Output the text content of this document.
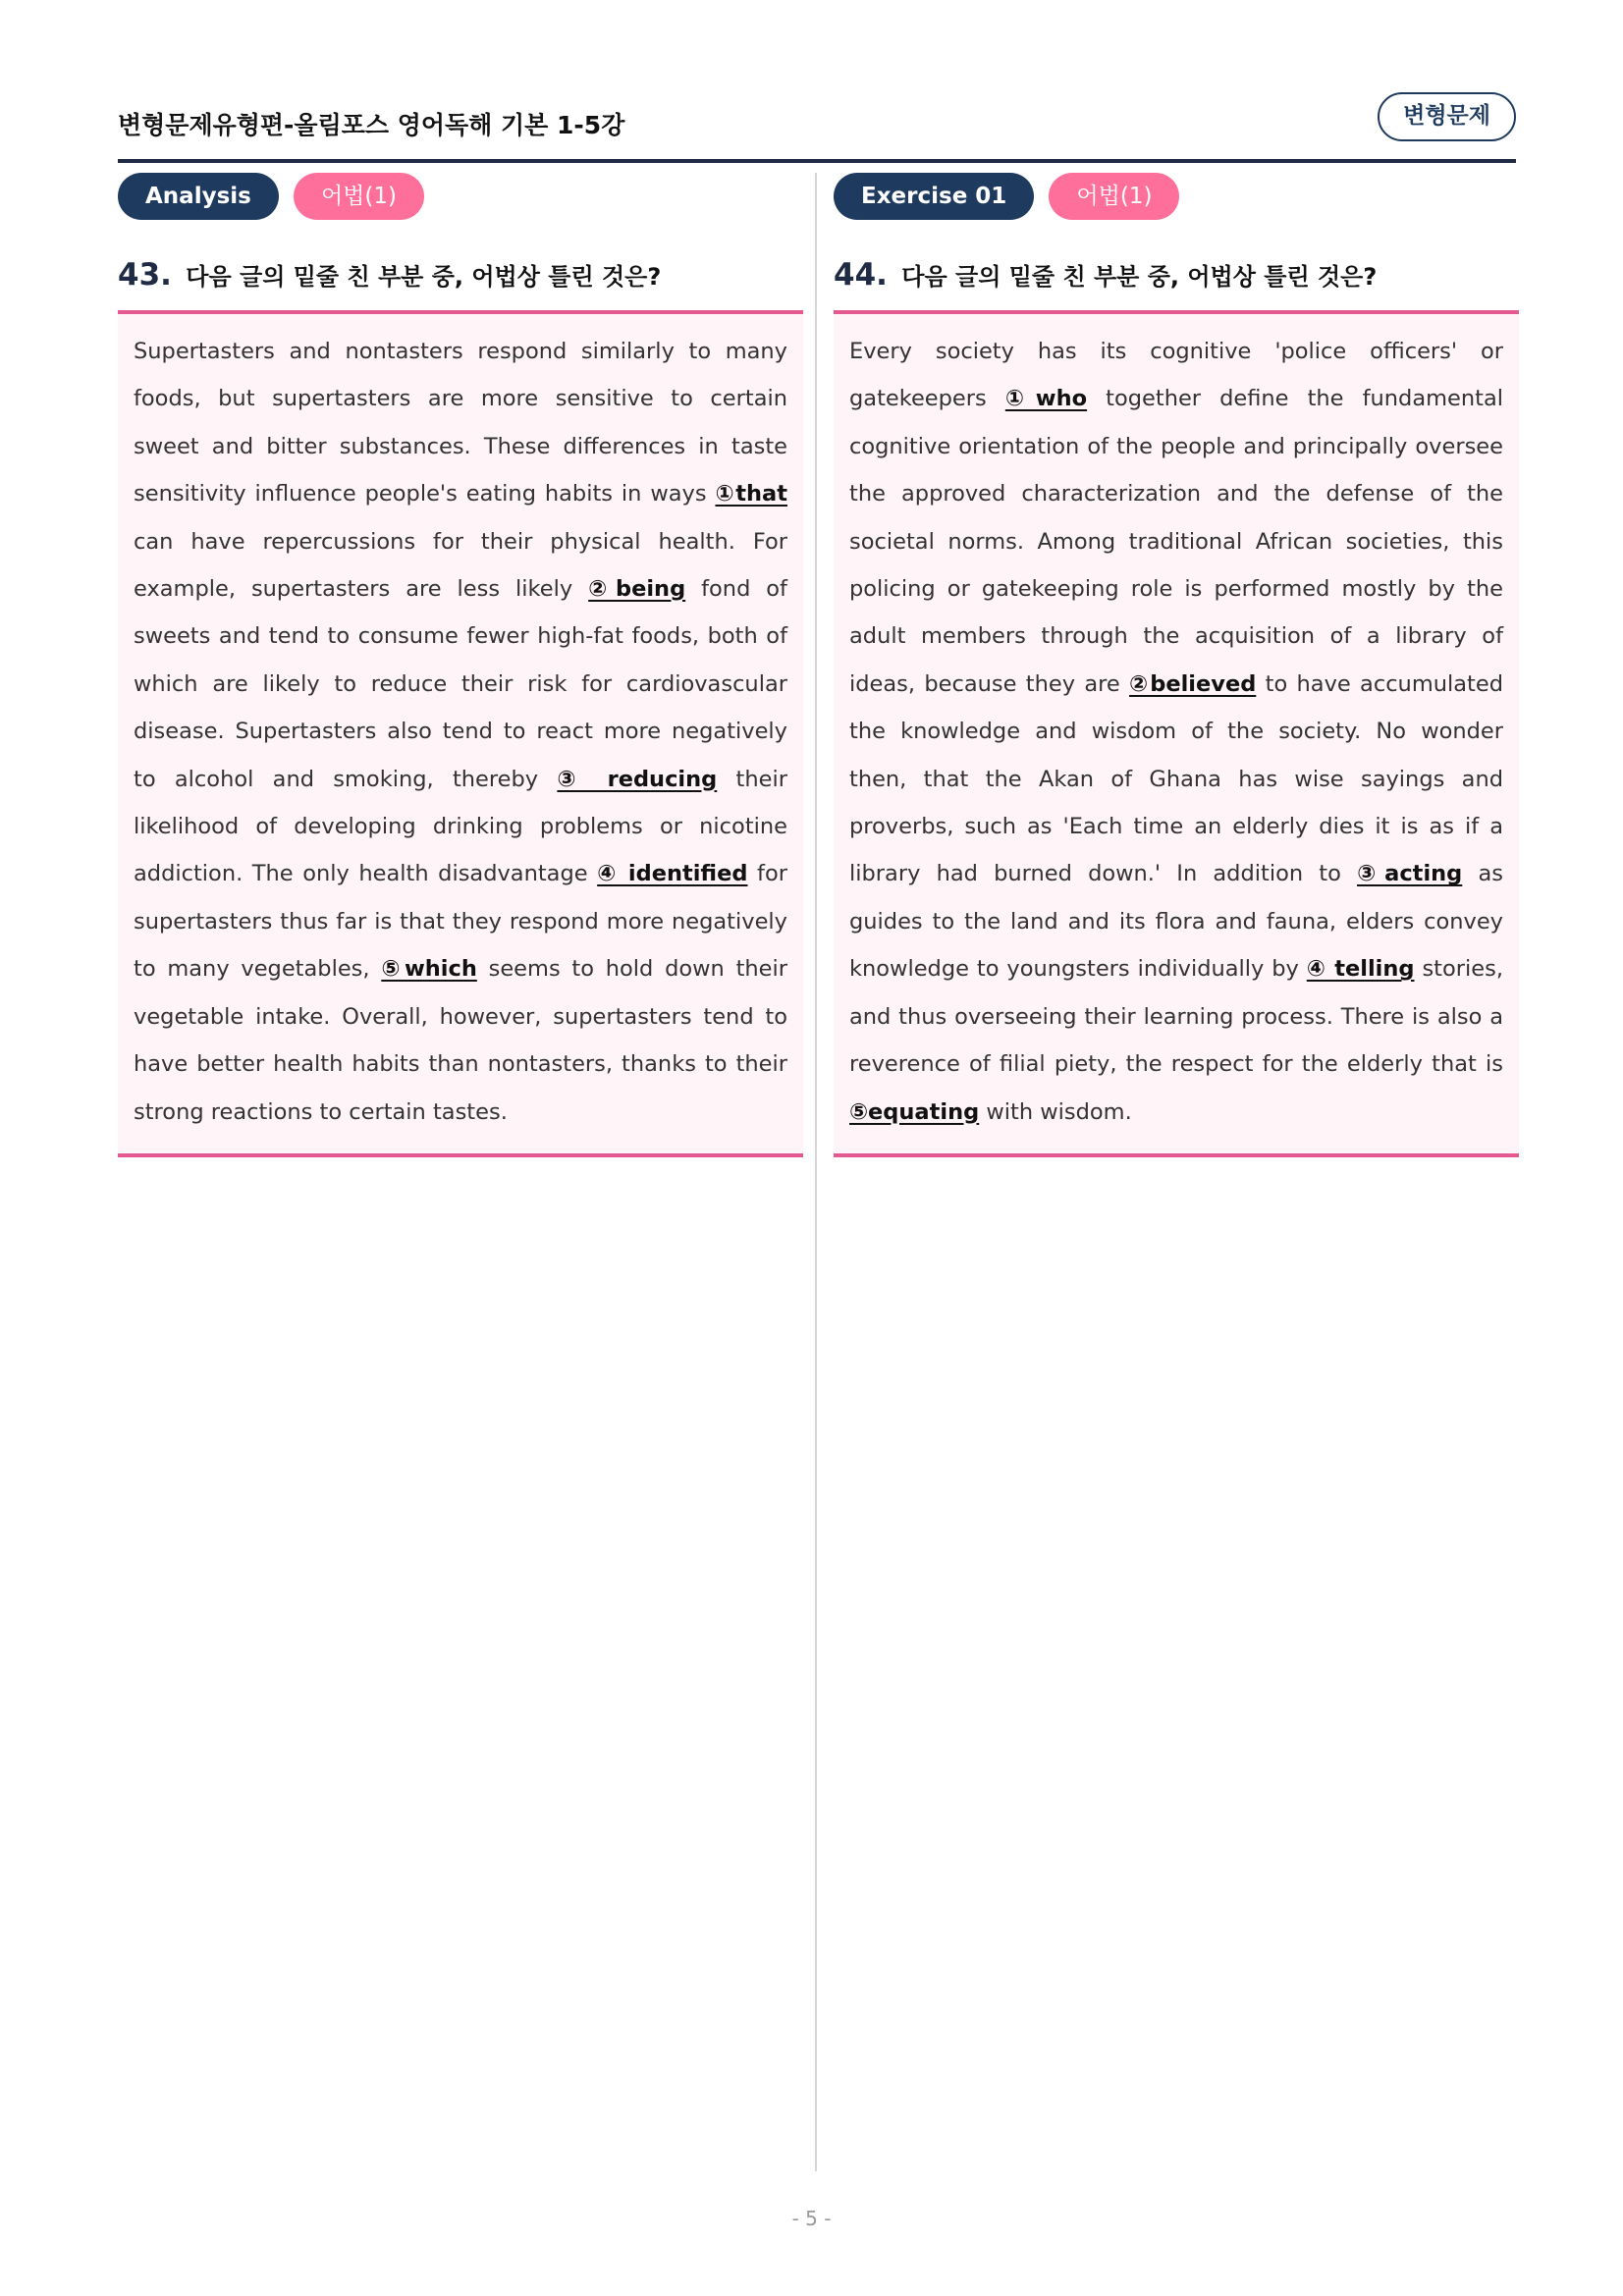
변형문제유형편-올림포스 영어독해 기본 1-5강	변형문제
Analysis	어법(1)
43. 다음 글의 밑줄 친 부분 중, 어법상 틀린 것은?
Supertasters and nontasters respond similarly to many foods, but supertasters are more sensitive to certain sweet and bitter substances. These differences in taste sensitivity influence people's eating habits in ways ①that can have repercussions for their physical health. For example, supertasters are less likely ②being fond of sweets and tend to consume fewer high-fat foods, both of which are likely to reduce their risk for cardiovascular disease. Supertasters also tend to react more negatively to alcohol and smoking, thereby ③ reducing their likelihood of developing drinking problems or nicotine addiction. The only health disadvantage ④ identified for supertasters thus far is that they respond more negatively to many vegetables, ⑤which seems to hold down their vegetable intake. Overall, however, supertasters tend to have better health habits than nontasters, thanks to their strong reactions to certain tastes.
Exercise 01	어법(1)
44. 다음 글의 밑줄 친 부분 중, 어법상 틀린 것은?
Every society has its cognitive 'police officers' or gatekeepers ①who together define the fundamental cognitive orientation of the people and principally oversee the approved characterization and the defense of the societal norms. Among traditional African societies, this policing or gatekeeping role is performed mostly by the adult members through the acquisition of a library of ideas, because they are ②believed to have accumulated the knowledge and wisdom of the society. No wonder then, that the Akan of Ghana has wise sayings and proverbs, such as 'Each time an elderly dies it is as if a library had burned down.' In addition to ③acting as guides to the land and its flora and fauna, elders convey knowledge to youngsters individually by ④ telling stories, and thus overseeing their learning process. There is also a reverence of filial piety, the respect for the elderly that is ⑤equating with wisdom.
- 5 -
